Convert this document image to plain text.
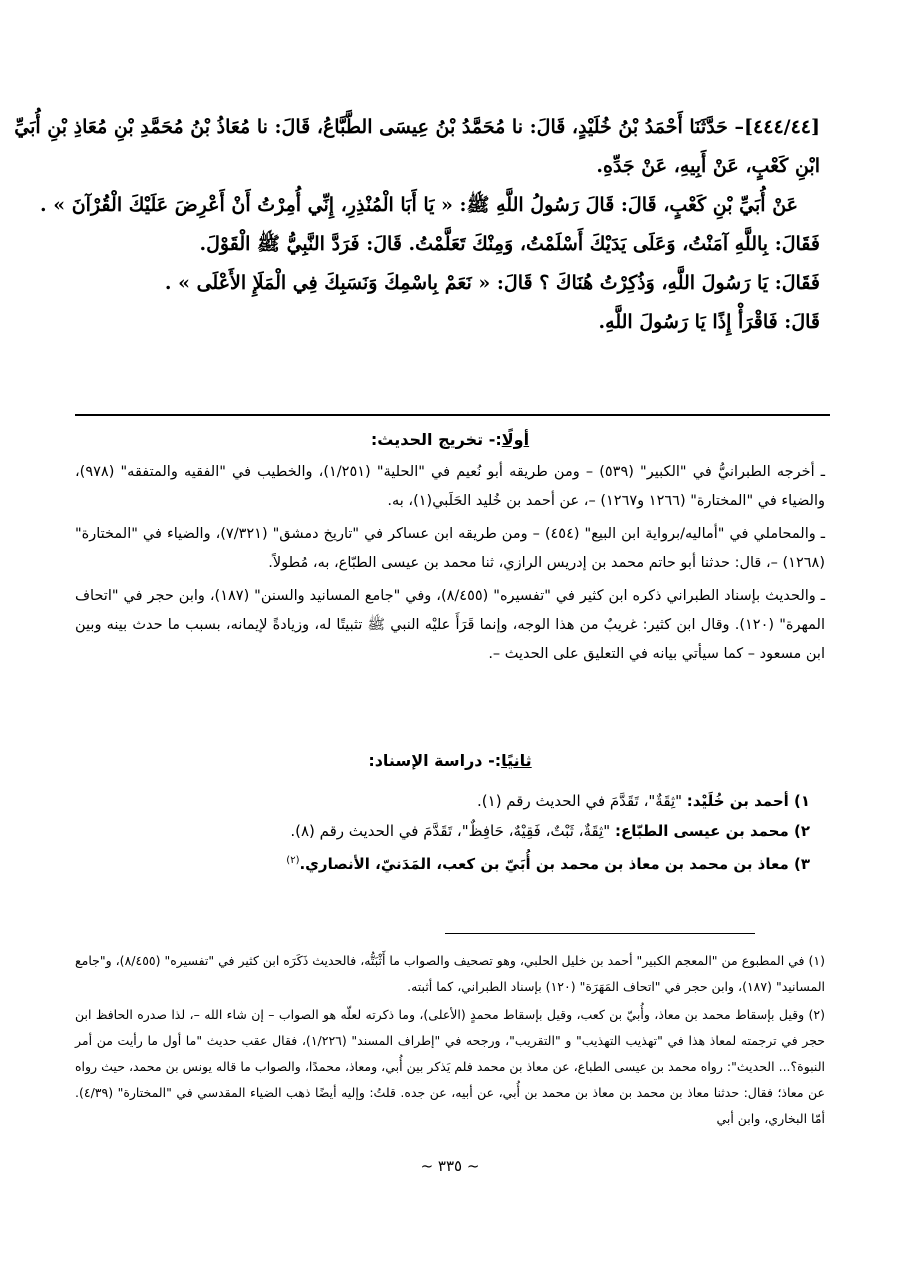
[٤٤٤/٤٤]– حَدَّثَنَا أَحْمَدُ بْنُ خُلَيْدٍ، قَالَ: نا مُحَمَّدُ بْنُ عِيسَى الطَّبَّاعُ، قَالَ: نا مُعَاذُ بْنُ مُحَمَّدِ بْنِ مُعَاذِ بْنِ أُبَيِّ
ابْنِ كَعْبٍ، عَنْ أَبِيهِ، عَنْ جَدِّهِ.
عَنْ أُبَيِّ بْنِ كَعْبٍ، قَالَ: قَالَ رَسُولُ اللَّهِ ﷺ: « يَا أَبَا الْمُنْذِرِ، إِنِّي أُمِرْتُ أَنْ أَعْرِضَ عَلَيْكَ الْقُرْآنَ » .
فَقَالَ: بِاللَّهِ آمَنْتُ، وَعَلَى يَدَيْكَ أَسْلَمْتُ، وَمِنْكَ تَعَلَّمْتُ. قَالَ: فَرَدَّ النَّبِيُّ ﷺ الْقَوْلَ.
فَقَالَ: يَا رَسُولَ اللَّهِ، وَذُكِرْتُ هُنَاكَ ؟ قَالَ: « نَعَمْ بِاسْمِكَ وَنَسَبِكَ فِي الْمَلَإِ الأَعْلَى » .
قَالَ: فَاقْرَأْ إِذًا يَا رَسُولَ اللَّهِ.
أولًا:- تخريج الحديث:

ـ أخرجه الطبرانيُّ في "الكبير" (٥٣٩) – ومن طريقه أبو نُعيم في "الحلية" (١/٢٥١)، والخطيب في "الفقيه والمتفقه" (٩٧٨)، والضياء في "المختارة" (١٢٦٦ و١٢٦٧) –، عن أحمد بن خُليد الحَلَبي(١)، به.

ـ والمحاملي في "أماليه/برواية ابن البيع" (٤٥٤) – ومن طريقه ابن عساكر في "تاريخ دمشق" (٧/٣٢١)، والضياء في "المختارة" (١٢٦٨) –، قال: حدثنا أبو حاتم محمد بن إدريس الرازي، ثنا محمد بن عيسى الطبّاع، به، مُطولاً.

ـ والحديث بإسناد الطبراني ذكره ابن كثير في "تفسيره" (٨/٤٥٥)، وفي "جامع المسانيد والسنن" (١٨٧)، وابن حجر في "اتحاف المهرة" (١٢٠). وقال ابن كثير: غريبٌ من هذا الوجه، وإنما قَرَأَ عليْه النبي ﷺ تثبيتًا له، وزيادةً لإيمانه، بسبب ما حدث بينه وبين ابن مسعود – كما سيأتي بيانه في التعليق على الحديث –.

ثانيًا:- دراسة الإسناد:
١) أحمد بن خُلَيْد: "ثِقَةٌ"، تَقَدَّمَ في الحديث رقم (١).
٢) محمد بن عيسى الطبّاع: "ثِقَةٌ، ثَبْتٌ، فَقِيْهٌ، حَافِظٌ"، تَقَدَّمَ في الحديث رقم (٨).
٣) معاذ بن محمد بن معاذ بن محمد بن أُبَيّ بن كعب، المَدَنيّ، الأنصاري.$^{(٢)}$

(١) في المطبوع من "المعجم الكبير" أحمد بن خليل الحلبي، وهو تصحيف والصواب ما أَثْبَتُّه، فالحديث ذَكَرَه ابن كثير في "تفسيره" (٨/٤٥٥)، و"جامع المسانيد" (١٨٧)، وابن حجر في "اتحاف المَهَرَة" (١٢٠) بإسناد الطبراني، كما أثبته.

(٢) وقيل بإسقاط محمد بن معاذ، وأُبيّ بن كعب، وقيل بإسقاط محمدٍ (الأعلى)، وما ذكرته لعلّه هو الصواب – إن شاء الله –، لذا صدره الحافظ ابن حجر في ترجمته لمعاذ هذا في "تهذيب التهذيب" و "التقريب"، ورجحه في "إطراف المسند" (١/٢٢٦)، فقال عقب حديث "ما أول ما رأيت من أمر النبوة؟... الحديث": رواه محمد بن عيسى الطباع، عن معاذ بن محمد فلم يَذكر بين أُبي، ومعاذ، محمدًا، والصواب ما قاله يونس بن محمد، حيث رواه عن معاذ؛ فقال: حدثنا معاذ بن محمد بن معاذ بن محمد بن أُبي، عن أبيه، عن جده. قلتُ: وإليه أيضًا ذهب الضياء المقدسي في "المختارة" (٤/٣٩). أمّا البخاري، وابن أبي

~ ٣٣٥ ~
